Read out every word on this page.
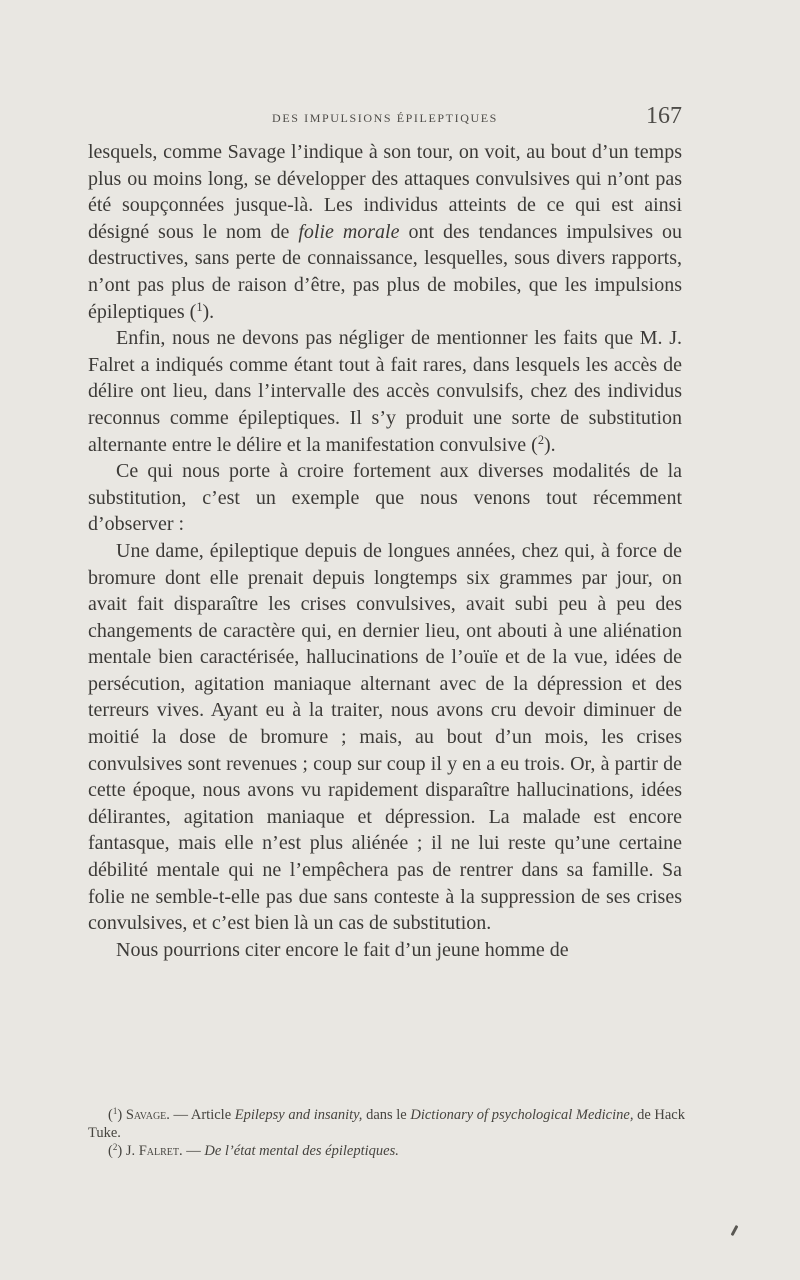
DES IMPULSIONS ÉPILEPTIQUES	167

lesquels, comme Savage l’indique à son tour, on voit, au bout d’un temps plus ou moins long, se développer des attaques convulsives qui n’ont pas été soupçonnées jusque-là. Les individus atteints de ce qui est ainsi désigné sous le nom de folie morale ont des tendances impulsives ou destructives, sans perte de connaissance, lesquelles, sous divers rapports, n’ont pas plus de raison d’être, pas plus de mobiles, que les impulsions épileptiques ($^1$).

Enfin, nous ne devons pas négliger de mentionner les faits que M. J. Falret a indiqués comme étant tout à fait rares, dans lesquels les accès de délire ont lieu, dans l’intervalle des accès convulsifs, chez des individus reconnus comme épileptiques. Il s’y produit une sorte de substitution alternante entre le délire et la manifestation convulsive ($^2$).

Ce qui nous porte à croire fortement aux diverses modalités de la substitution, c’est un exemple que nous venons tout récemment d’observer :

Une dame, épileptique depuis de longues années, chez qui, à force de bromure dont elle prenait depuis longtemps six grammes par jour, on avait fait disparaître les crises convulsives, avait subi peu à peu des changements de caractère qui, en dernier lieu, ont abouti à une aliénation mentale bien caractérisée, hallucinations de l’ouïe et de la vue, idées de persécution, agitation maniaque alternant avec de la dépression et des terreurs vives. Ayant eu à la traiter, nous avons cru devoir diminuer de moitié la dose de bromure ; mais, au bout d’un mois, les crises convulsives sont revenues ; coup sur coup il y en a eu trois. Or, à partir de cette époque, nous avons vu rapidement disparaître hallucinations, idées délirantes, agitation maniaque et dépression. La malade est encore fantasque, mais elle n’est plus aliénée ; il ne lui reste qu’une certaine débilité mentale qui ne l’empêchera pas de rentrer dans sa famille. Sa folie ne semble-t-elle pas due sans conteste à la suppression de ses crises convulsives, et c’est bien là un cas de substitution.

Nous pourrions citer encore le fait d’un jeune homme de

($^1$) Savage. — Article Epilepsy and insanity, dans le Dictionary of psychological Medicine, de Hack Tuke.

($^2$) J. Falret. — De l’état mental des épileptiques.
